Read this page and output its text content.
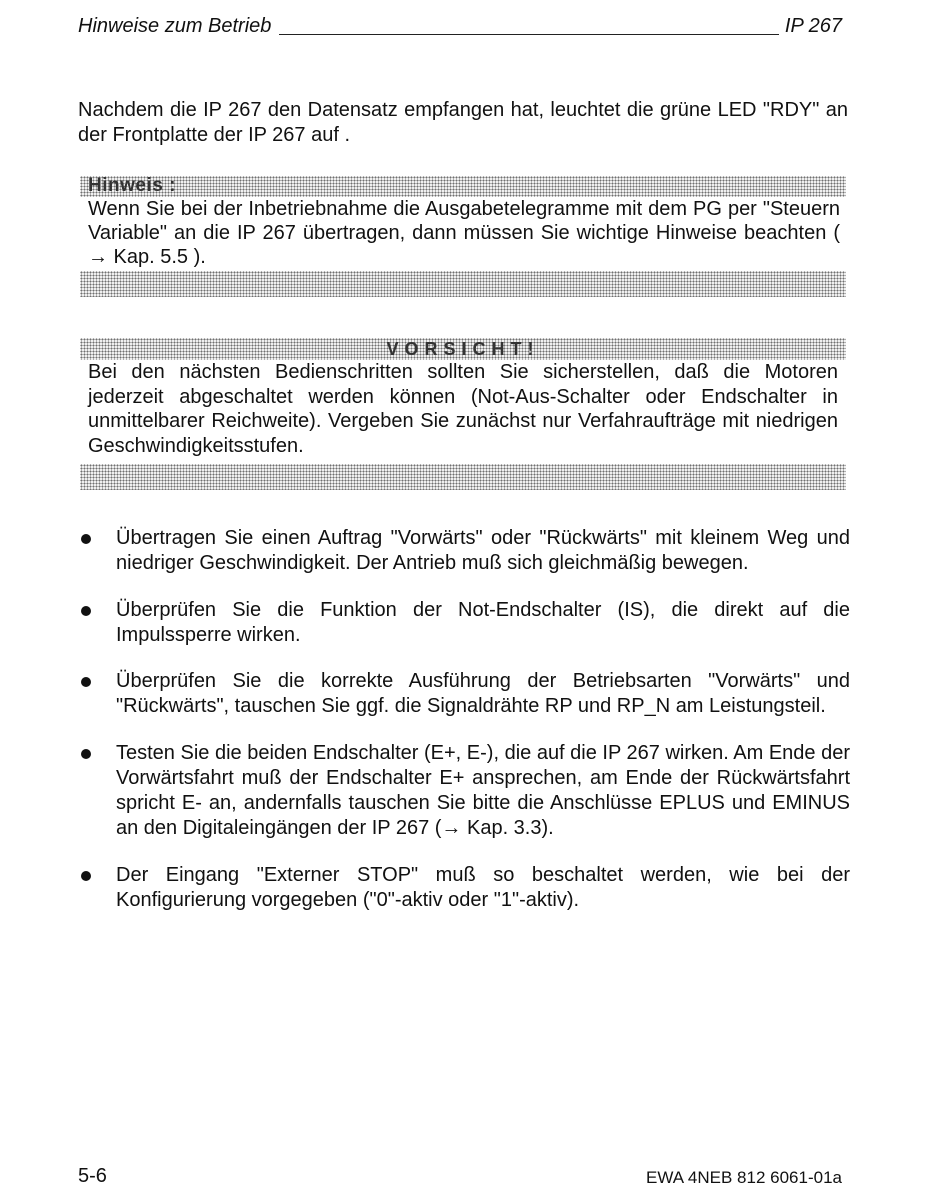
Hinweise zum Betrieb	IP 267

Nachdem die IP 267 den Datensatz empfangen hat, leuchtet die grüne LED "RDY" an der Frontplatte der IP 267 auf .

Hinweis :
Wenn Sie bei der Inbetriebnahme die Ausgabetelegramme mit dem PG per "Steuern Variable" an die IP 267 übertragen, dann müssen Sie wichtige Hinweise beachten ( → Kap. 5.5 ).
VORSICHT!
Bei den nächsten Bedienschritten sollten Sie sicherstellen, daß die Motoren jederzeit abgeschaltet werden können (Not-Aus-Schalter oder Endschalter in unmittelbarer Reichweite). Vergeben Sie zunächst nur Verfahraufträge mit niedrigen Geschwindigkeitsstufen.
Übertragen Sie einen Auftrag "Vorwärts" oder "Rückwärts" mit kleinem Weg und niedriger Geschwindigkeit. Der Antrieb muß sich gleichmäßig bewegen.
Überprüfen Sie die Funktion der Not-Endschalter (IS), die direkt auf die Impulssperre wirken.
Überprüfen Sie die korrekte Ausführung der Betriebsarten "Vorwärts" und "Rückwärts", tauschen Sie ggf. die Signaldrähte RP und RP_N am Leistungsteil.
Testen Sie die beiden Endschalter (E+, E-), die auf die IP 267 wirken. Am Ende der Vorwärtsfahrt muß der Endschalter E+ ansprechen, am Ende der Rückwärtsfahrt spricht E- an, andernfalls tauschen Sie bitte die Anschlüsse EPLUS und EMINUS an den Digitaleingängen der IP 267 (→ Kap. 3.3).
Der Eingang "Externer STOP" muß so beschaltet werden, wie bei der Konfigurierung vorgegeben ("0"-aktiv oder "1"-aktiv).
5-6	EWA 4NEB 812 6061-01a
